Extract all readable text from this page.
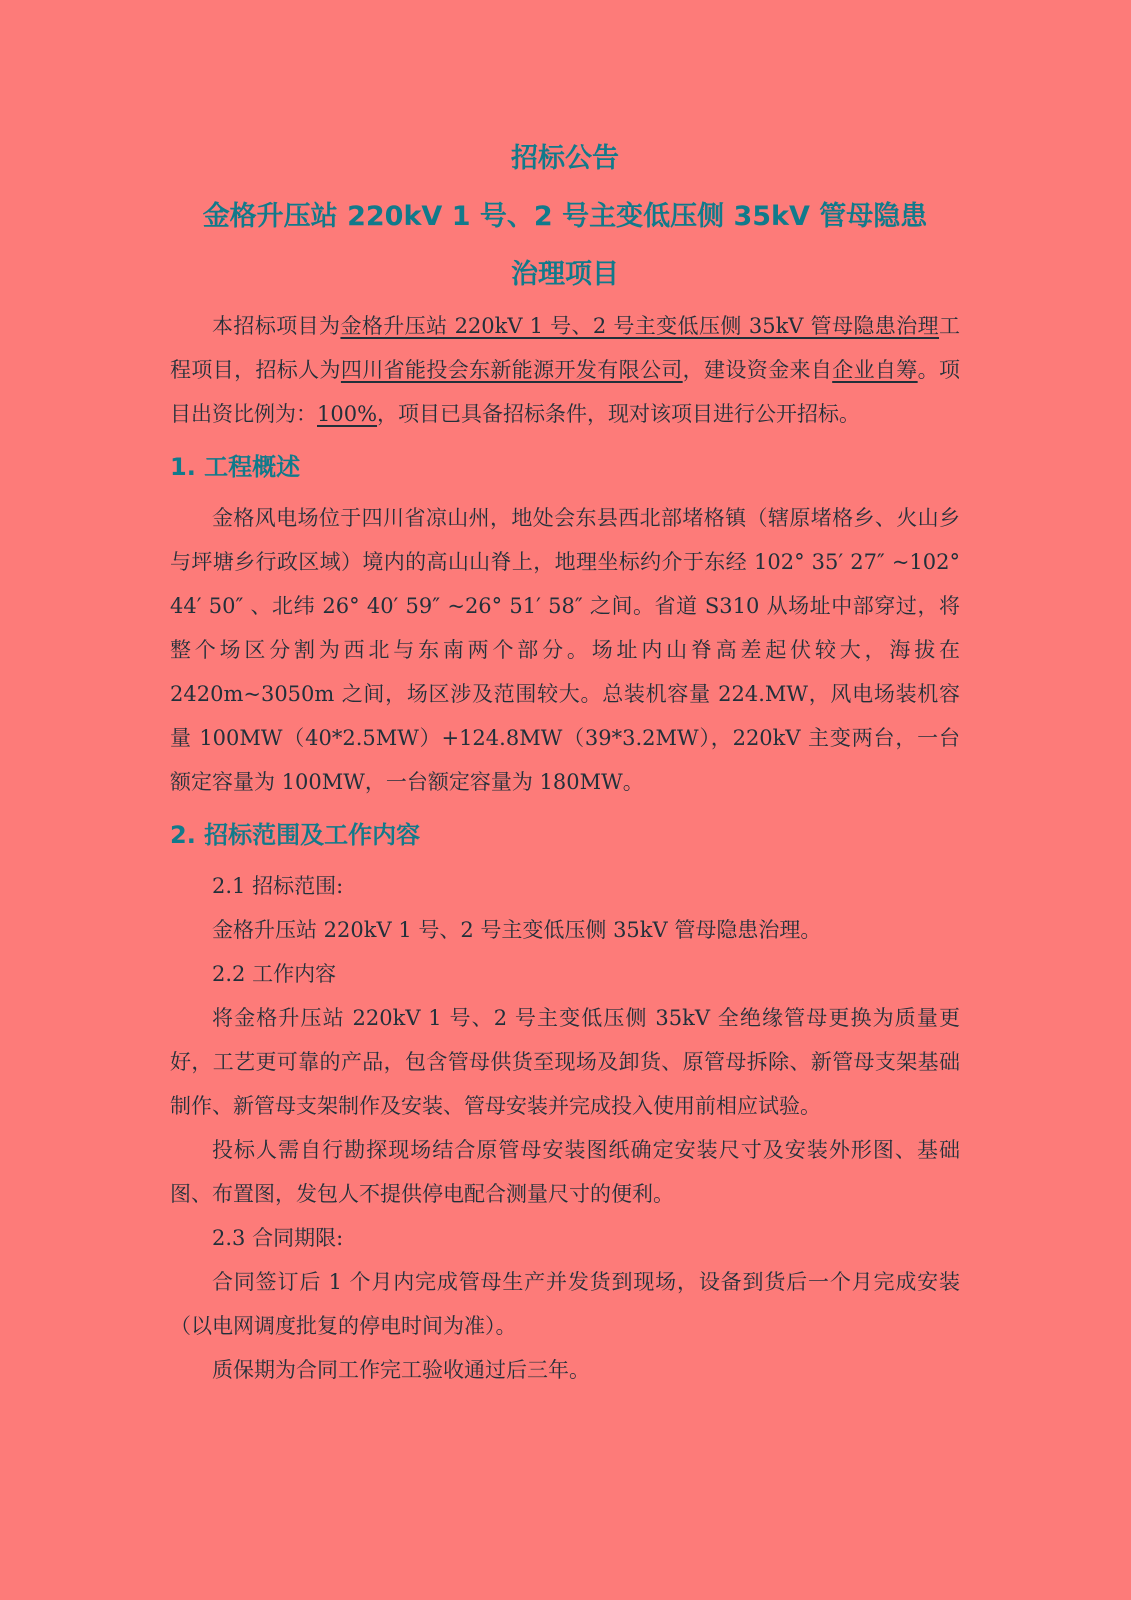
招标公告

金格升压站 220kV 1 号、2 号主变低压侧 35kV 管母隐患

治理项目

本招标项目为金格升压站 220kV 1 号、2 号主变低压侧 35kV 管母隐患治理工程项目，招标人为四川省能投会东新能源开发有限公司，建设资金来自企业自筹。项目出资比例为：100%，项目已具备招标条件，现对该项目进行公开招标。

1. 工程概述

金格风电场位于四川省凉山州，地处会东县西北部堵格镇（辖原堵格乡、火山乡与坪塘乡行政区域）境内的高山山脊上，地理坐标约介于东经 102° 35′ 27″ ~102° 44′ 50″ 、北纬 26° 40′ 59″ ~26° 51′ 58″ 之间。省道 S310 从场址中部穿过，将整个场区分割为西北与东南两个部分。场址内山脊高差起伏较大，海拔在 2420m~3050m 之间，场区涉及范围较大。总装机容量 224.MW，风电场装机容量 100MW（40*2.5MW）+124.8MW（39*3.2MW），220kV 主变两台，一台额定容量为 100MW，一台额定容量为 180MW。

2. 招标范围及工作内容

2.1 招标范围:

金格升压站 220kV 1 号、2 号主变低压侧 35kV 管母隐患治理。

2.2 工作内容

将金格升压站 220kV 1 号、2 号主变低压侧 35kV 全绝缘管母更换为质量更好，工艺更可靠的产品，包含管母供货至现场及卸货、原管母拆除、新管母支架基础制作、新管母支架制作及安装、管母安装并完成投入使用前相应试验。

投标人需自行勘探现场结合原管母安装图纸确定安装尺寸及安装外形图、基础图、布置图，发包人不提供停电配合测量尺寸的便利。

2.3 合同期限:

合同签订后 1 个月内完成管母生产并发货到现场，设备到货后一个月完成安装（以电网调度批复的停电时间为准）。

质保期为合同工作完工验收通过后三年。
